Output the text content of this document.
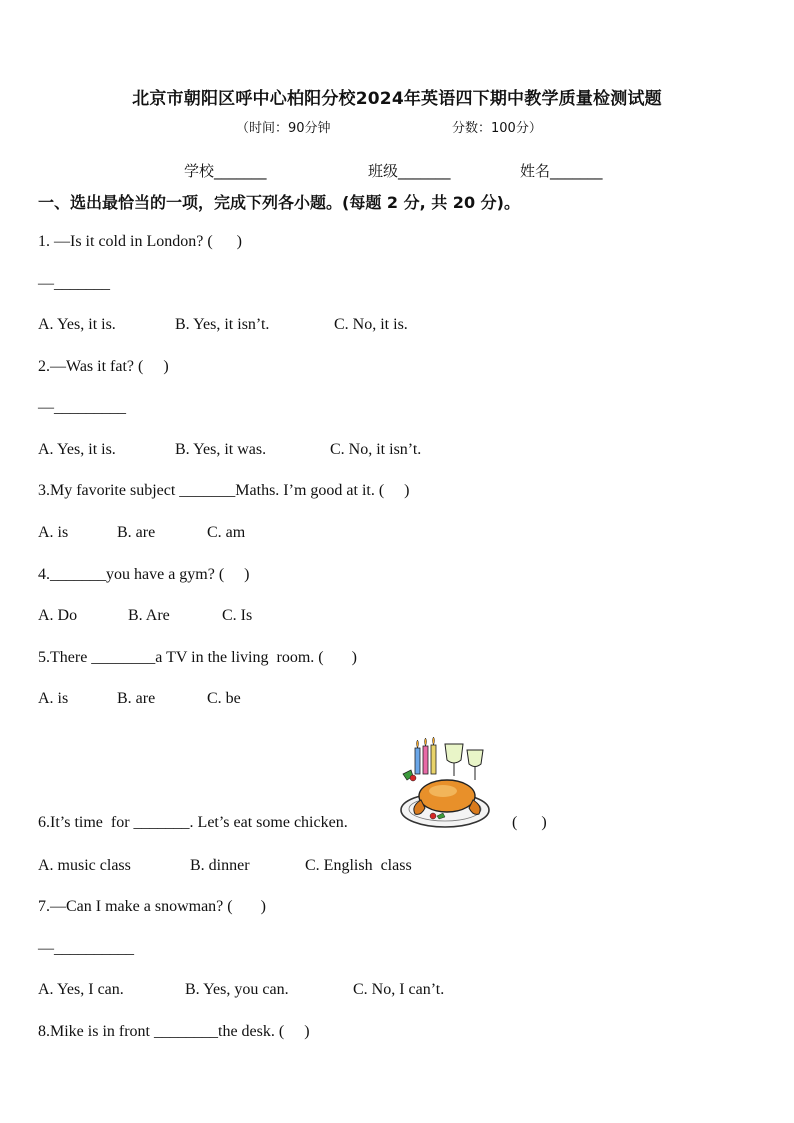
北京市朝阳区呼中心柏阳分校2024年英语四下期中教学质量检测试题
（时间：90分钟	分数：100分）
学校_______	班级_______	姓名_______
一、选出最恰当的一项，完成下列各小题。(每题 2 分, 共 20 分)。
1. —Is it cold in London? (      )
—_______
A. Yes, it is.	B. Yes, it isn’t.	C. No, it is.
2.—Was it fat? (     )
—_________
A. Yes, it is.	B. Yes, it was.	C. No, it isn’t.
3.My favorite subject _______Maths. I’m good at it. (     )
A. is	B. are	C. am
4._______you have a gym? (     )
A. Do	B. Are	C. Is
5.There ________a TV in the living  room. (       )
A. is	B. are	C. be
6.It’s time  for _______. Let’s eat some chicken.	(      )
A. music class	B. dinner	C. English  class
7.—Can I make a snowman? (       )
—__________
A. Yes, I can.	B. Yes, you can.	C. No, I can’t.
8.Mike is in front ________the desk. (     )
